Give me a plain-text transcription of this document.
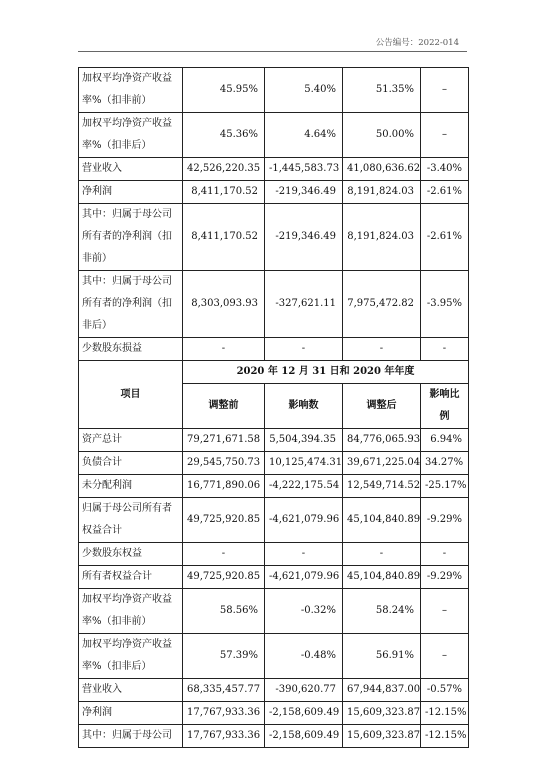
公告编号：2022-014
加权平均净资产收益率%（扣非前）	45.95%	5.40%	51.35%	–
加权平均净资产收益率%（扣非后）	45.36%	4.64%	50.00%	–
营业收入	42,526,220.35	-1,445,583.73	41,080,636.62	-3.40%
净利润	8,411,170.52	-219,346.49	8,191,824.03	-2.61%
其中：归属于母公司所有者的净利润（扣非前）	8,411,170.52	-219,346.49	8,191,824.03	-2.61%
其中：归属于母公司所有者的净利润（扣非后）	8,303,093.93	-327,621.11	7,975,472.82	-3.95%
少数股东损益	-	-	-	-
项目	2020 年 12 月 31 日和 2020 年年度			
	调整前	影响数	调整后	影响比例
资产总计	79,271,671.58	5,504,394.35	84,776,065.93	6.94%
负债合计	29,545,750.73	10,125,474.31	39,671,225.04	34.27%
未分配利润	16,771,890.06	-4,222,175.54	12,549,714.52	-25.17%
归属于母公司所有者权益合计	49,725,920.85	-4,621,079.96	45,104,840.89	-9.29%
少数股东权益	-	-	-	-
所有者权益合计	49,725,920.85	-4,621,079.96	45,104,840.89	-9.29%
加权平均净资产收益率%（扣非前）	58.56%	-0.32%	58.24%	–
加权平均净资产收益率%（扣非后）	57.39%	-0.48%	56.91%	–
营业收入	68,335,457.77	-390,620.77	67,944,837.00	-0.57%
净利润	17,767,933.36	-2,158,609.49	15,609,323.87	-12.15%
其中：归属于母公司	17,767,933.36	-2,158,609.49	15,609,323.87	-12.15%
